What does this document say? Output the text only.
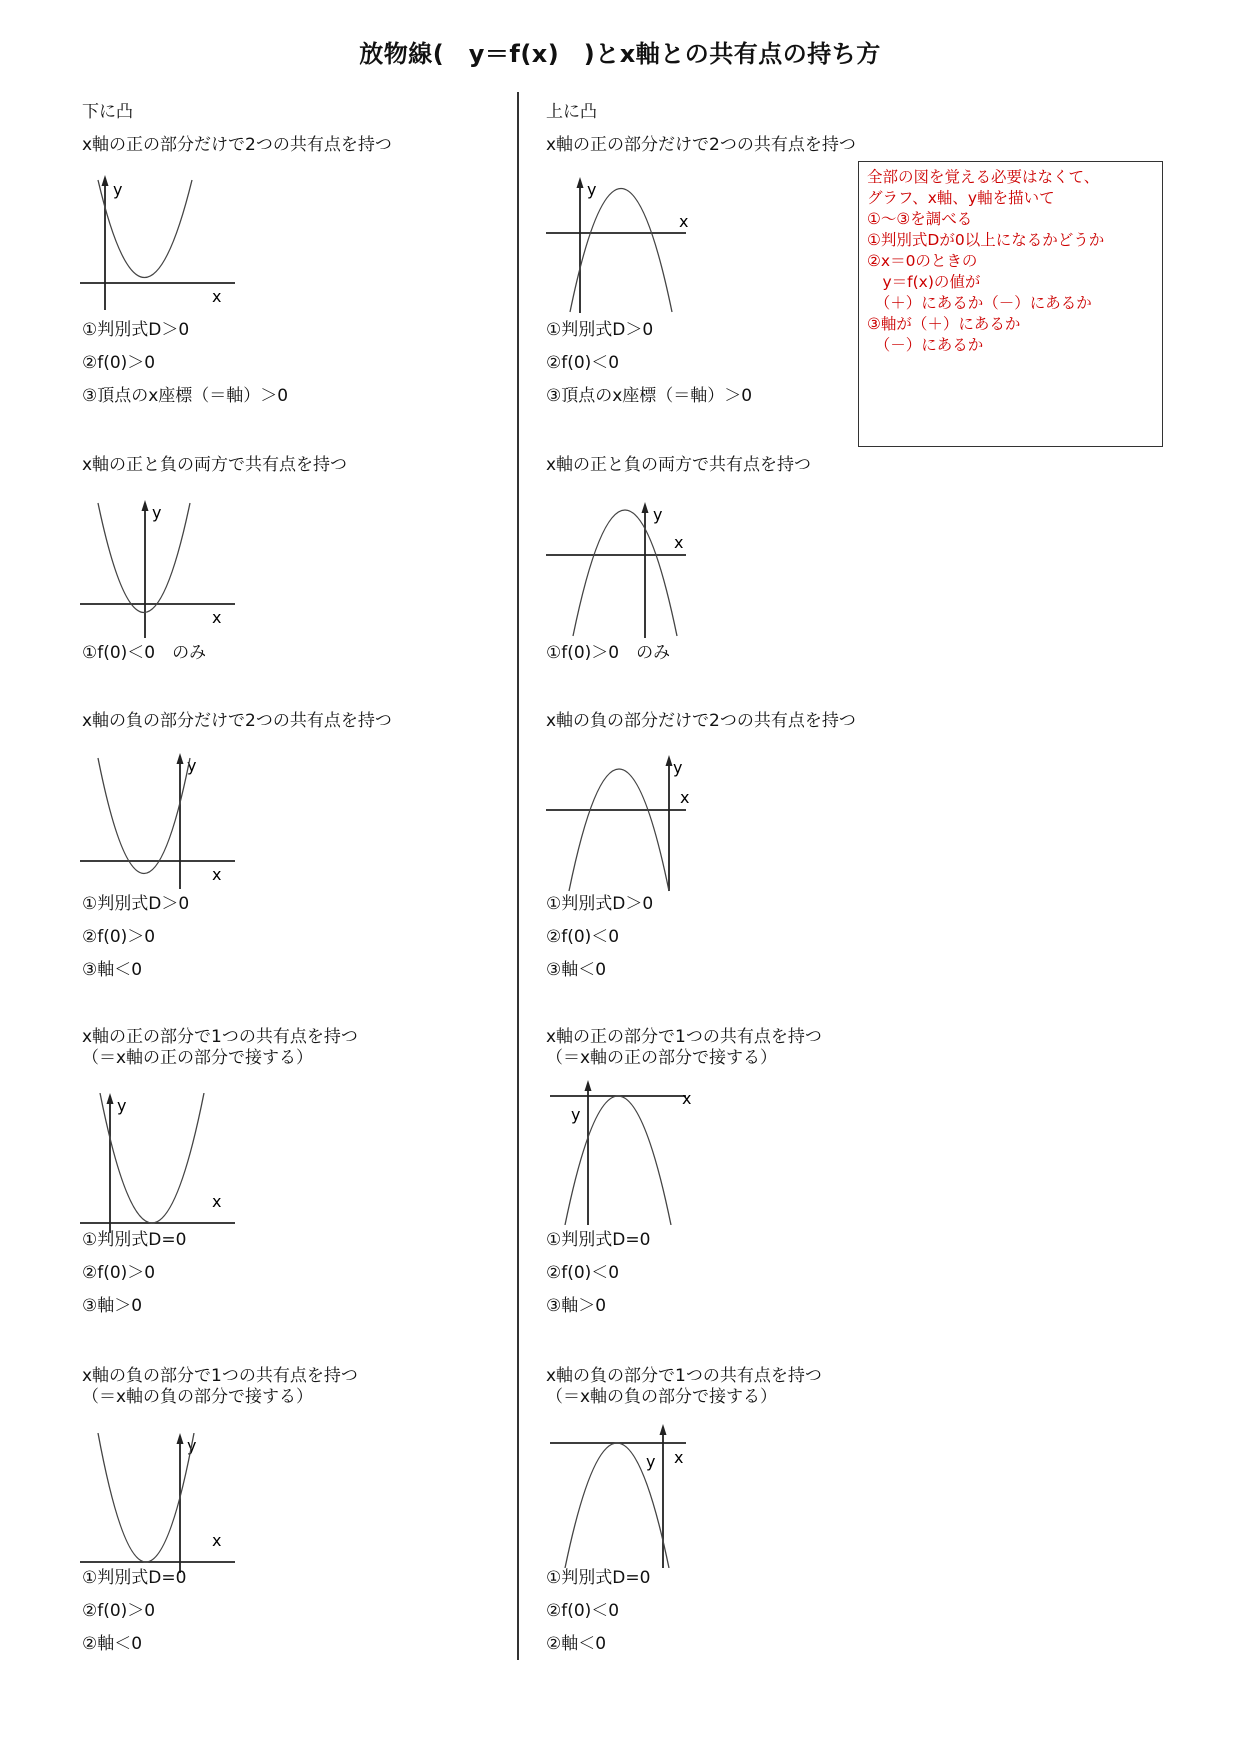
放物線(　y＝f(x)　)とx軸との共有点の持ち方
全部の図を覚える必要はなくて、
グラフ、x軸、y軸を描いて
①～③を調べる
①判別式Dが0以上になるかどうか
②x＝0のときの
　y＝f(x)の値が
　（＋）にあるか（－）にあるか
③軸が（＋）にあるか
　（－）にあるか
下に凸
x軸の正の部分だけで2つの共有点を持つ
y
x
①判別式D＞0
②f(0)＞0
③頂点のx座標（＝軸）＞0
x軸の正と負の両方で共有点を持つ
y
x
①f(0)＜0　のみ
x軸の負の部分だけで2つの共有点を持つ
y
x
①判別式D＞0
②f(0)＞0
③軸＜0
x軸の正の部分で1つの共有点を持つ
（＝x軸の正の部分で接する）
y
x
①判別式D=0
②f(0)＞0
③軸＞0
x軸の負の部分で1つの共有点を持つ
（＝x軸の負の部分で接する）
y
x
①判別式D=0
②f(0)＞0
②軸＜0
上に凸
x軸の正の部分だけで2つの共有点を持つ
y
x
①判別式D＞0
②f(0)＜0
③頂点のx座標（＝軸）＞0
x軸の正と負の両方で共有点を持つ
y
x
①f(0)＞0　のみ
x軸の負の部分だけで2つの共有点を持つ
y
x
①判別式D＞0
②f(0)＜0
③軸＜0
x軸の正の部分で1つの共有点を持つ
（＝x軸の正の部分で接する）
y
x
①判別式D=0
②f(0)＜0
③軸＞0
x軸の負の部分で1つの共有点を持つ
（＝x軸の負の部分で接する）
y x
①判別式D=0
②f(0)＜0
②軸＜0
